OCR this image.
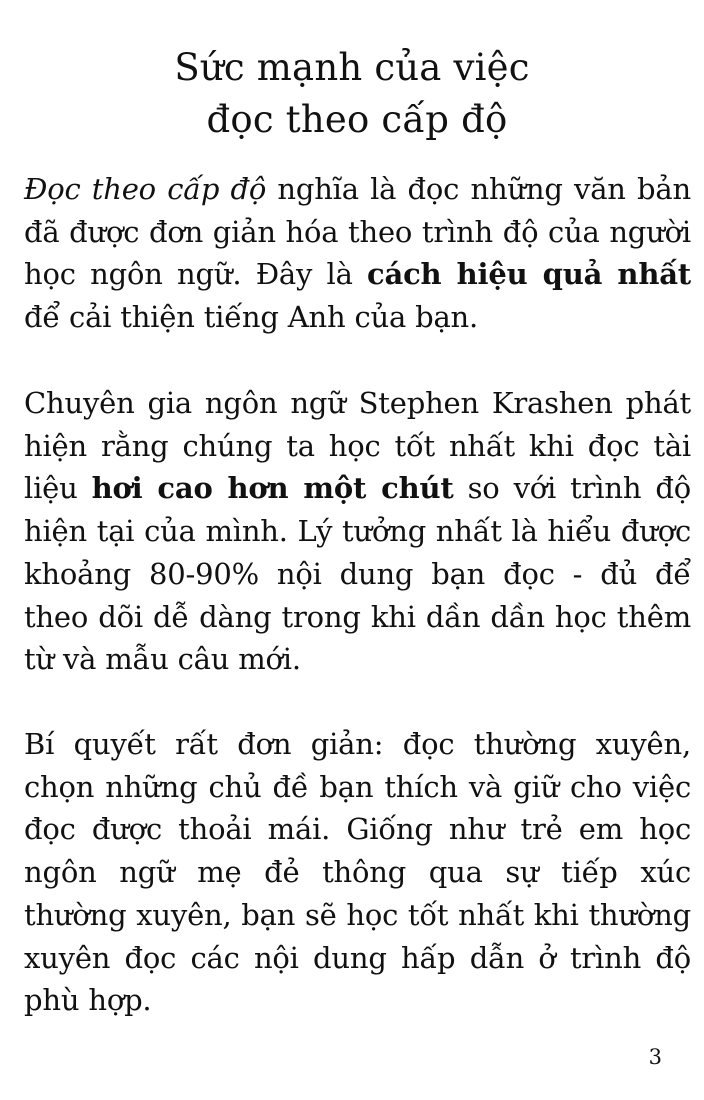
Sức mạnh của việc
đọc theo cấp độ

Đọc theo cấp độ nghĩa là đọc những văn bản đã được đơn giản hóa theo trình độ của người học ngôn ngữ. Đây là cách hiệu quả nhất để cải thiện tiếng Anh của bạn.

Chuyên gia ngôn ngữ Stephen Krashen phát hiện rằng chúng ta học tốt nhất khi đọc tài liệu hơi cao hơn một chút so với trình độ hiện tại của mình. Lý tưởng nhất là hiểu được khoảng 80-90% nội dung bạn đọc - đủ để theo dõi dễ dàng trong khi dần dần học thêm từ và mẫu câu mới.

Bí quyết rất đơn giản: đọc thường xuyên, chọn những chủ đề bạn thích và giữ cho việc đọc được thoải mái. Giống như trẻ em học ngôn ngữ mẹ đẻ thông qua sự tiếp xúc thường xuyên, bạn sẽ học tốt nhất khi thường xuyên đọc các nội dung hấp dẫn ở trình độ phù hợp.

3
